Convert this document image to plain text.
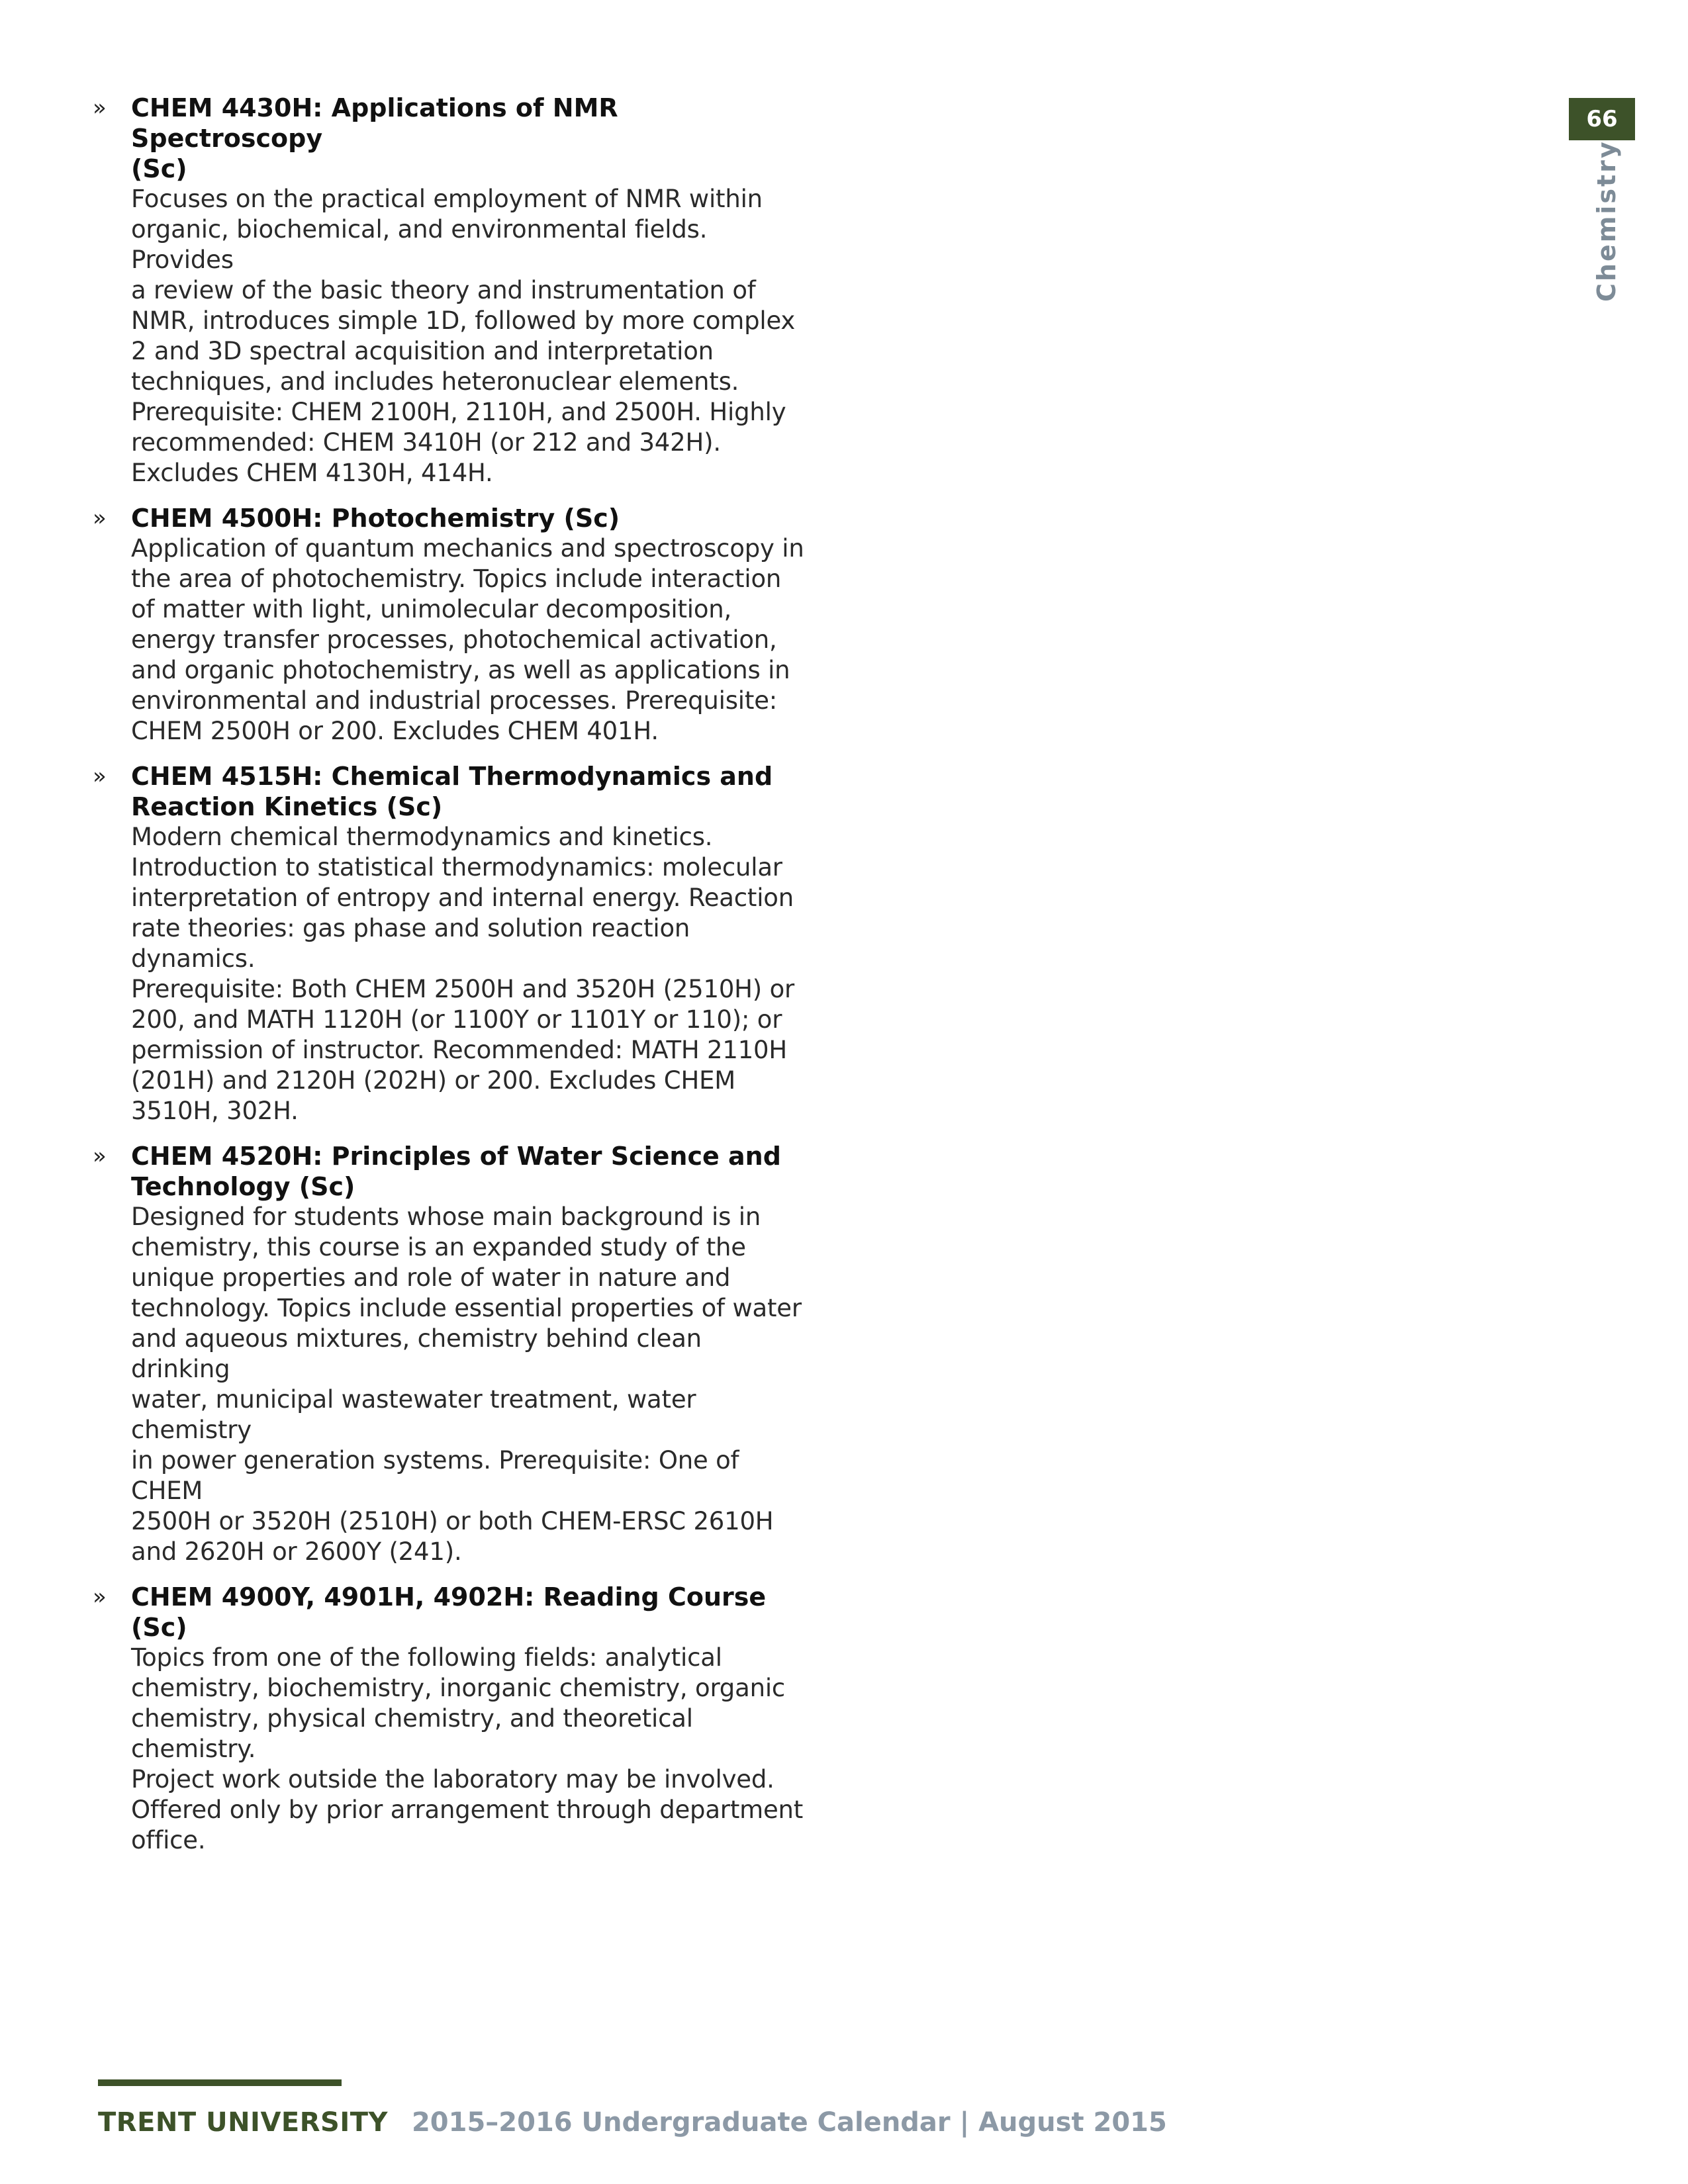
66
Chemistry
» CHEM 4430H: Applications of NMR Spectroscopy
(Sc)
Focuses on the practical employment of NMR within
organic, biochemical, and environmental fields. Provides
a review of the basic theory and instrumentation of
NMR, introduces simple 1D, followed by more complex
2 and 3D spectral acquisition and interpretation
techniques, and includes heteronuclear elements.
Prerequisite: CHEM 2100H, 2110H, and 2500H. Highly
recommended: CHEM 3410H (or 212 and 342H).
Excludes CHEM 4130H, 414H.
» CHEM 4500H: Photochemistry (Sc)
Application of quantum mechanics and spectroscopy in
the area of photochemistry. Topics include interaction
of matter with light, unimolecular decomposition,
energy transfer processes, photochemical activation,
and organic photochemistry, as well as applications in
environmental and industrial processes. Prerequisite:
CHEM 2500H or 200. Excludes CHEM 401H.
» CHEM 4515H: Chemical Thermodynamics and
Reaction Kinetics (Sc)
Modern chemical thermodynamics and kinetics.
Introduction to statistical thermodynamics: molecular
interpretation of entropy and internal energy. Reaction
rate theories: gas phase and solution reaction dynamics.
Prerequisite: Both CHEM 2500H and 3520H (2510H) or
200, and MATH 1120H (or 1100Y or 1101Y or 110); or
permission of instructor. Recommended: MATH 2110H
(201H) and 2120H (202H) or 200. Excludes CHEM
3510H, 302H.
» CHEM 4520H: Principles of Water Science and
Technology (Sc)
Designed for students whose main background is in
chemistry, this course is an expanded study of the
unique properties and role of water in nature and
technology. Topics include essential properties of water
and aqueous mixtures, chemistry behind clean drinking
water, municipal wastewater treatment, water chemistry
in power generation systems. Prerequisite: One of CHEM
2500H or 3520H (2510H) or both CHEM-ERSC 2610H
and 2620H or 2600Y (241).
» CHEM 4900Y, 4901H, 4902H: Reading Course (Sc)
Topics from one of the following fields: analytical
chemistry, biochemistry, inorganic chemistry, organic
chemistry, physical chemistry, and theoretical chemistry.
Project work outside the laboratory may be involved.
Offered only by prior arrangement through department
office.
TRENT UNIVERSITY 2015–2016 Undergraduate Calendar | August 2015
